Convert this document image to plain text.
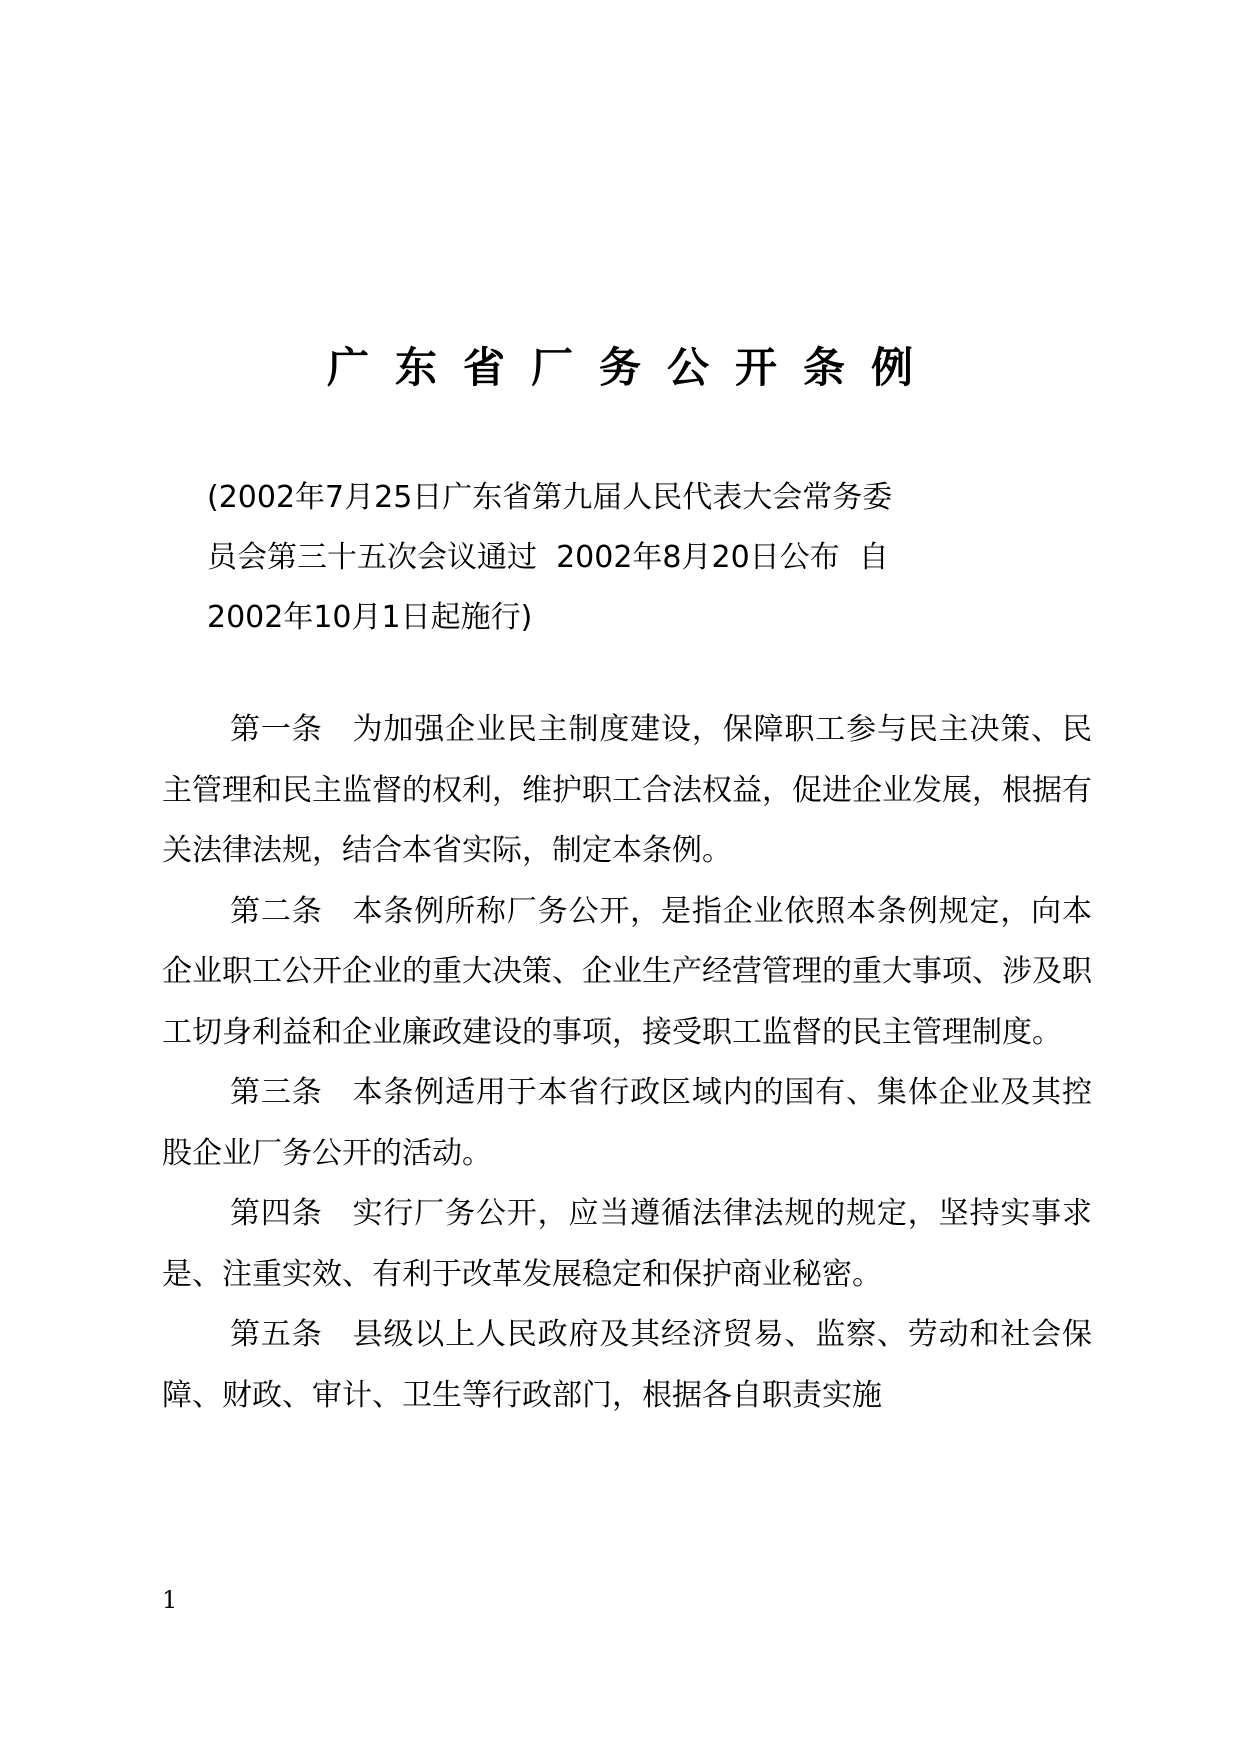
广东省厂务公开条例
(2002年7月25日广东省第九届人民代表大会常务委
员会第三十五次会议通过  2002年8月20日公布  自
2002年10月1日起施行)

第一条 为加强企业民主制度建设，保障职工参与民主决策、民主管理和民主监督的权利，维护职工合法权益，促进企业发展，根据有关法律法规，结合本省实际，制定本条例。

第二条 本条例所称厂务公开，是指企业依照本条例规定，向本企业职工公开企业的重大决策、企业生产经营管理的重大事项、涉及职工切身利益和企业廉政建设的事项，接受职工监督的民主管理制度。

第三条 本条例适用于本省行政区域内的国有、集体企业及其控股企业厂务公开的活动。

第四条 实行厂务公开，应当遵循法律法规的规定，坚持实事求是、注重实效、有利于改革发展稳定和保护商业秘密。

第五条 县级以上人民政府及其经济贸易、监察、劳动和社会保障、财政、审计、卫生等行政部门，根据各自职责实施

1
